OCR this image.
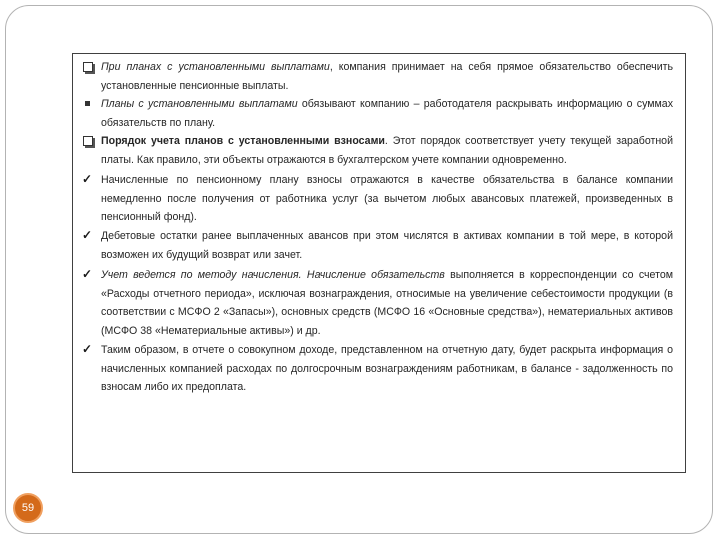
При планах с установленными выплатами, компания принимает на себя прямое обязательство обеспечить установленные пенсионные выплаты.
Планы с установленными выплатами обязывают компанию – работодателя раскрывать информацию о суммах обязательств по плану.
Порядок учета планов с установленными взносами. Этот порядок соответствует учету текущей заработной платы. Как правило, эти объекты отражаются в бухгалтерском учете компании одновременно.
✓ Начисленные по пенсионному плану взносы отражаются в качестве обязательства в балансе компании немедленно после получения от работника услуг (за вычетом любых авансовых платежей, произведенных в пенсионный фонд).
✓ Дебетовые остатки ранее выплаченных авансов при этом числятся в активах компании в той мере, в которой возможен их будущий возврат или зачет.
✓ Учет ведется по методу начисления. Начисление обязательств выполняется в корреспонденции со счетом «Расходы отчетного периода», исключая вознаграждения, относимые на увеличение себестоимости продукции (в соответствии с МСФО 2 «Запасы»), основных средств (МСФО 16 «Основные средства»), нематериальных активов (МСФО 38 «Нематериальные активы») и др.
✓ Таким образом, в отчете о совокупном доходе, представленном на отчетную дату, будет раскрыта информация о начисленных компанией расходах по долгосрочным вознаграждениям работникам, в балансе - задолженность по взносам либо их предоплата.
59
